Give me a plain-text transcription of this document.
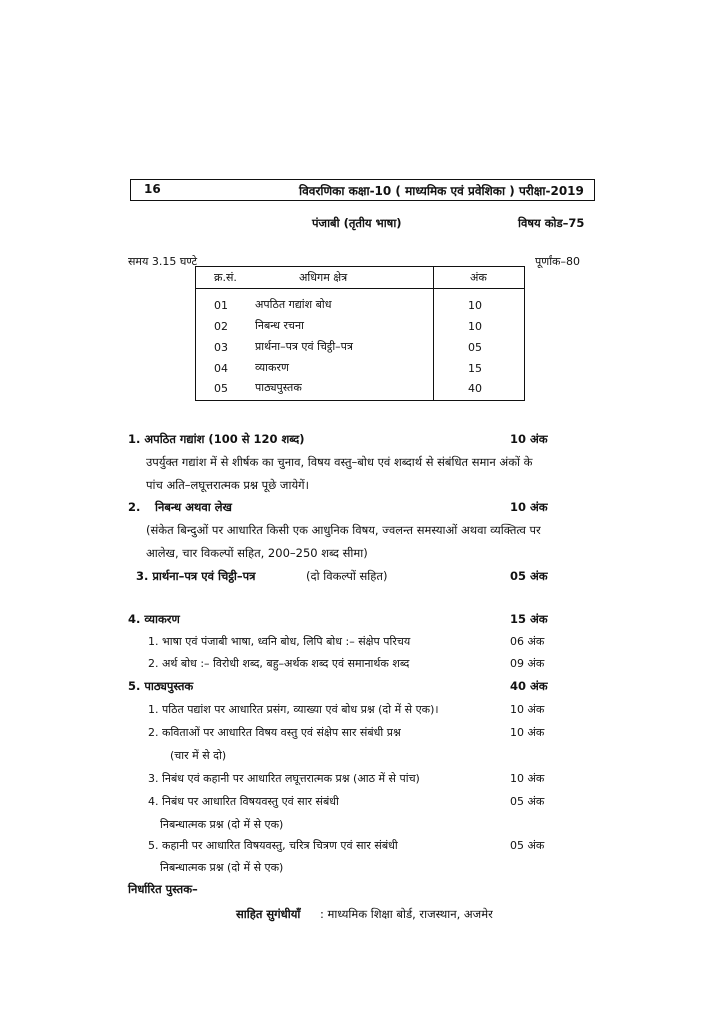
16	विवरणिका कक्षा-10 ( माध्यमिक एवं प्रवेशिका ) परीक्षा-2019
पंजाबी (तृतीय भाषा)	विषय कोड–75
समय 3.15 घण्टे	पूर्णांक–80
क्र.सं.	अधिगम क्षेत्र	अंक
01 अपठित गद्यांश बोध	10
02 निबन्ध रचना	10
03 प्रार्थना–पत्र एवं चिट्ठी–पत्र	05
04 व्याकरण	15
05 पाठ्यपुस्तक	40
1. अपठित गद्यांश (100 से 120 शब्द)	10 अंक
उपर्युक्त गद्यांश में से शीर्षक का चुनाव, विषय वस्तु–बोध एवं शब्दार्थ से संबंधित समान अंकों के
पांच अति–लघूत्तरात्मक प्रश्न पूछे जायेगें।
2. निबन्ध अथवा लेख	10 अंक
(संकेत बिन्दुओं पर आधारित किसी एक आधुनिक विषय, ज्वलन्त समस्याओं अथवा व्यक्तित्व पर
आलेख, चार विकल्पों सहित, 200–250 शब्द सीमा)
3. प्रार्थना–पत्र एवं चिट्ठी–पत्र	(दो विकल्पों सहित)	05 अंक
4. व्याकरण	15 अंक
1. भाषा एवं पंजाबी भाषा, ध्वनि बोध, लिपि बोध :– संक्षेप परिचय	06 अंक
2. अर्थ बोध :– विरोधी शब्द, बहु–अर्थक शब्द एवं समानार्थक शब्द	09 अंक
5. पाठ्यपुस्तक	40 अंक
1. पठित पद्यांश पर आधारित प्रसंग, व्याख्या एवं बोध प्रश्न (दो में से एक)।	10 अंक
2. कविताओं पर आधारित विषय वस्तु एवं संक्षेप सार संबंधी प्रश्न	10 अंक
(चार में से दो)
3. निबंध एवं कहानी पर आधारित लघूत्तरात्मक प्रश्न (आठ में से पांच)	10 अंक
4. निबंध पर आधारित विषयवस्तु एवं सार संबंधी	05 अंक
निबन्धात्मक प्रश्न (दो में से एक)
5. कहानी पर आधारित विषयवस्तु, चरित्र चित्रण एवं सार संबंधी	05 अंक
निबन्धात्मक प्रश्न (दो में से एक)
निर्धारित पुस्तक–
साहित सुगंधीयाँ : माध्यमिक शिक्षा बोर्ड, राजस्थान, अजमेर
